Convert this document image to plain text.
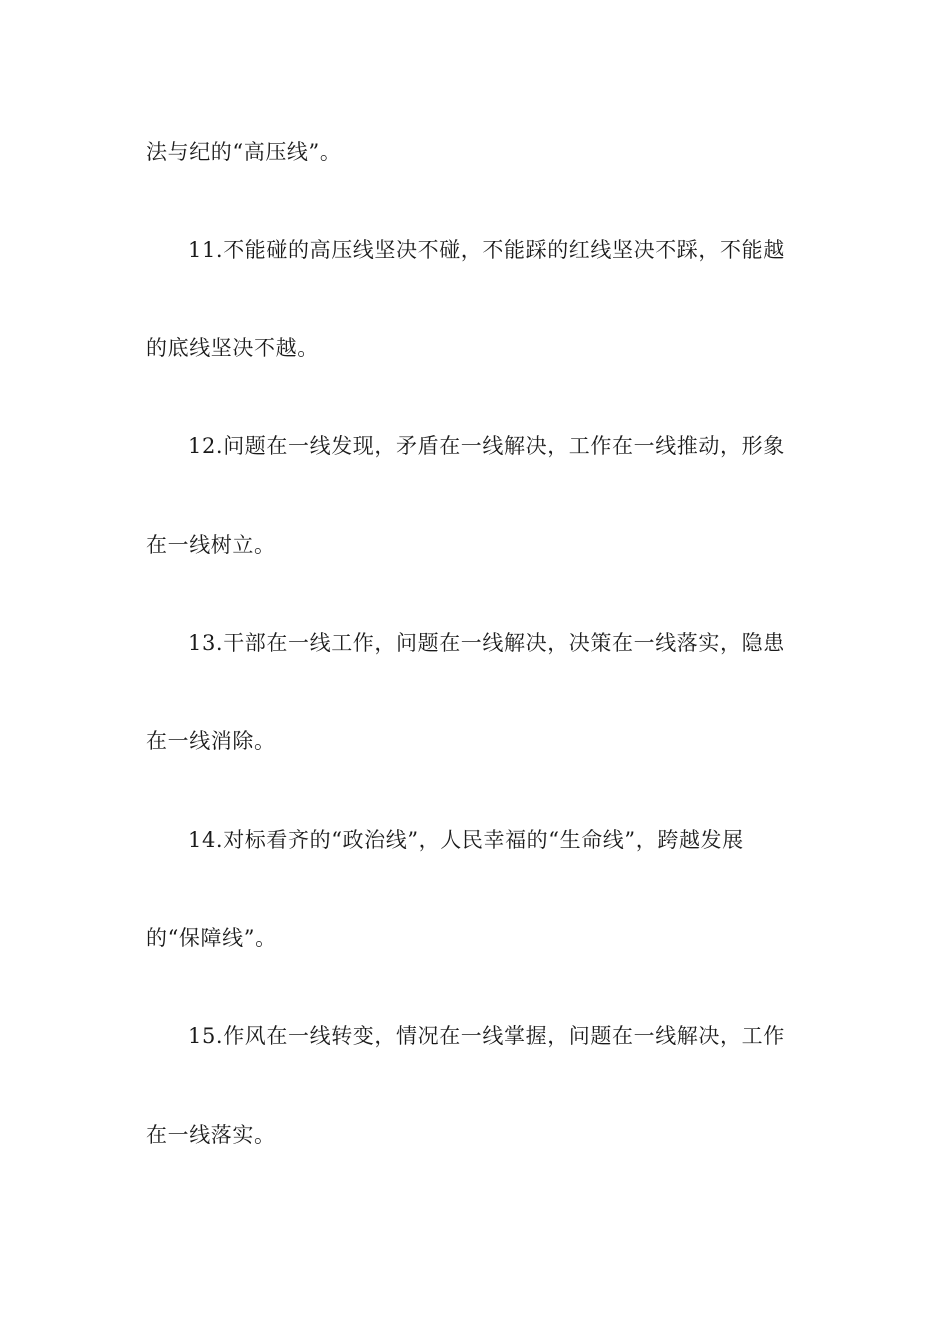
法与纪的“高压线”。
11.不能碰的高压线坚决不碰，不能踩的红线坚决不踩，不能越
的底线坚决不越。
12.问题在一线发现，矛盾在一线解决，工作在一线推动，形象
在一线树立。
13.干部在一线工作，问题在一线解决，决策在一线落实，隐患
在一线消除。
14.对标看齐的“政治线”，人民幸福的“生命线”，跨越发展
的“保障线”。
15.作风在一线转变，情况在一线掌握，问题在一线解决，工作
在一线落实。
